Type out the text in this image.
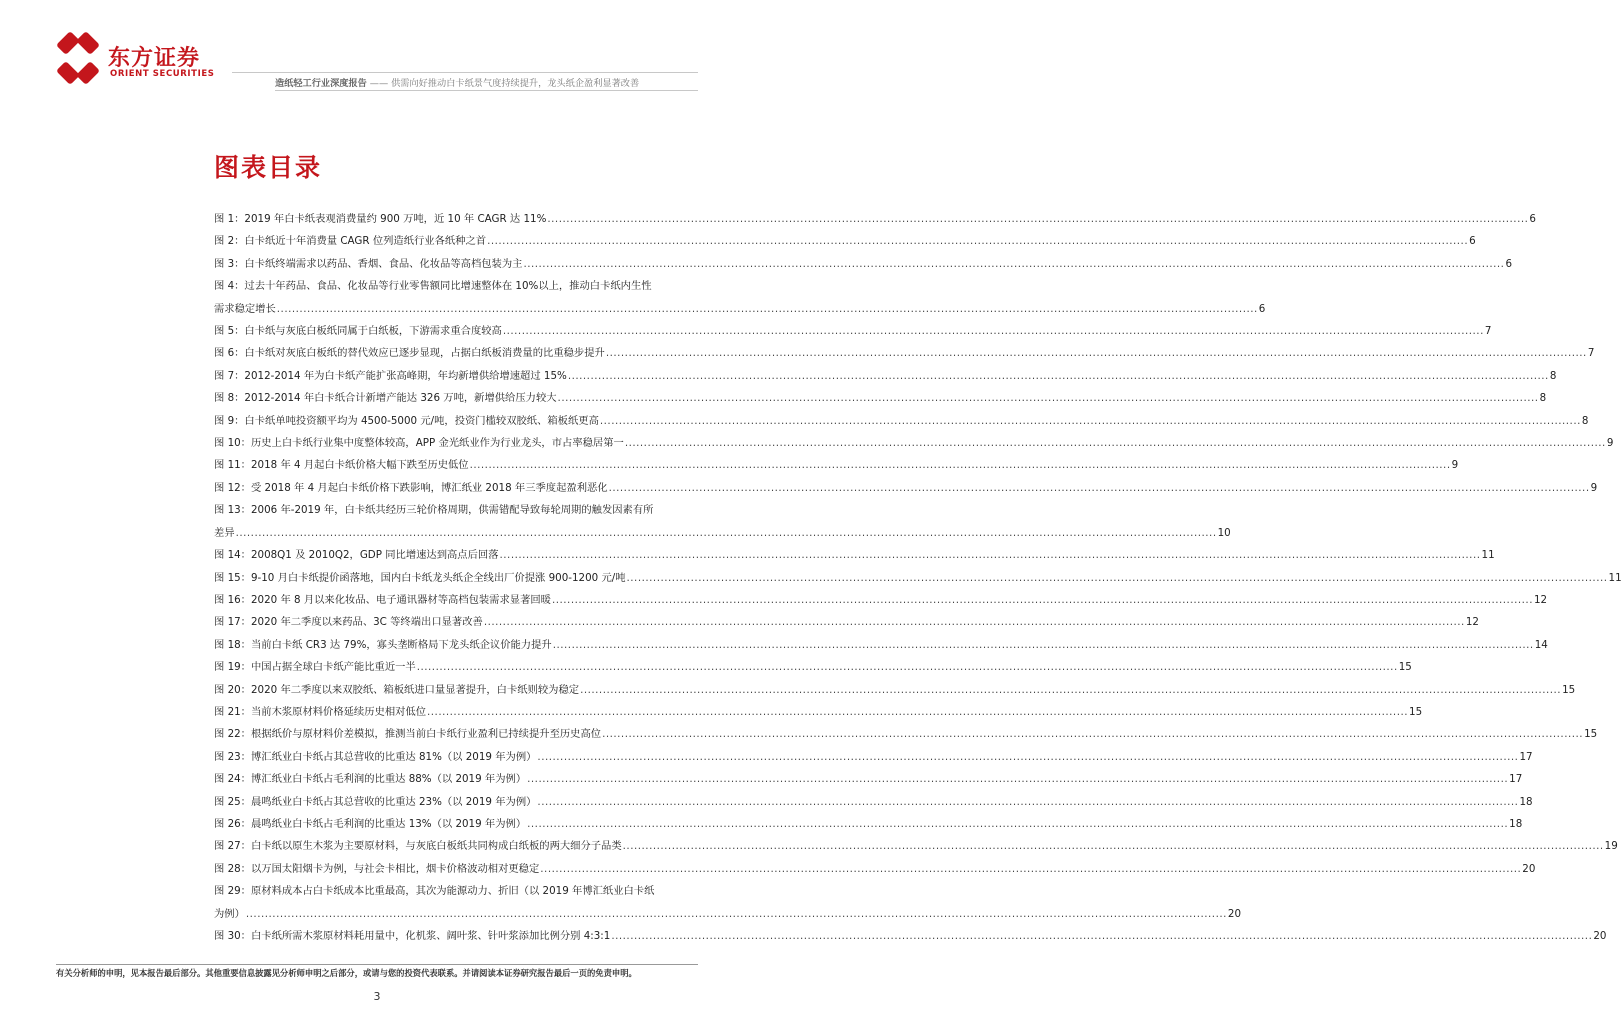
东方证券
ORIENT SECURITIES
造纸轻工行业深度报告 —— 供需向好推动白卡纸景气度持续提升，龙头纸企盈利显著改善
图表目录
图 1：2019 年白卡纸表观消费量约 900 万吨，近 10 年 CAGR 达 11% .................................................................................................................................................................................................................................................................... 6
图 2：白卡纸近十年消费量 CAGR 位列造纸行业各纸种之首 .................................................................................................................................................................................................................................................................... 6
图 3：白卡纸终端需求以药品、香烟、食品、化妆品等高档包装为主 .................................................................................................................................................................................................................................................................... 6
图 4：过去十年药品、食品、化妆品等行业零售额同比增速整体在 10%以上，推动白卡纸内生性
需求稳定增长 .................................................................................................................................................................................................................................................................... 6
图 5：白卡纸与灰底白板纸同属于白纸板，下游需求重合度较高 .................................................................................................................................................................................................................................................................... 7
图 6：白卡纸对灰底白板纸的替代效应已逐步显现，占据白纸板消费量的比重稳步提升 .................................................................................................................................................................................................................................................................... 7
图 7：2012-2014 年为白卡纸产能扩张高峰期，年均新增供给增速超过 15% .................................................................................................................................................................................................................................................................... 8
图 8：2012-2014 年白卡纸合计新增产能达 326 万吨，新增供给压力较大 .................................................................................................................................................................................................................................................................... 8
图 9：白卡纸单吨投资额平均为 4500-5000 元/吨，投资门槛较双胶纸、箱板纸更高 .................................................................................................................................................................................................................................................................... 8
图 10：历史上白卡纸行业集中度整体较高，APP 金光纸业作为行业龙头，市占率稳居第一 .................................................................................................................................................................................................................................................................... 9
图 11：2018 年 4 月起白卡纸价格大幅下跌至历史低位 .................................................................................................................................................................................................................................................................... 9
图 12：受 2018 年 4 月起白卡纸价格下跌影响，博汇纸业 2018 年三季度起盈利恶化 .................................................................................................................................................................................................................................................................... 9
图 13：2006 年-2019 年，白卡纸共经历三轮价格周期，供需错配导致每轮周期的触发因素有所
差异 .................................................................................................................................................................................................................................................................... 10
图 14：2008Q1 及 2010Q2，GDP 同比增速达到高点后回落 .................................................................................................................................................................................................................................................................... 11
图 15：9-10 月白卡纸提价函落地，国内白卡纸龙头纸企全线出厂价提涨 900-1200 元/吨 .................................................................................................................................................................................................................................................................... 11
图 16：2020 年 8 月以来化妆品、电子通讯器材等高档包装需求显著回暖 .................................................................................................................................................................................................................................................................... 12
图 17：2020 年二季度以来药品、3C 等终端出口显著改善 .................................................................................................................................................................................................................................................................... 12
图 18：当前白卡纸 CR3 达 79%，寡头垄断格局下龙头纸企议价能力提升 .................................................................................................................................................................................................................................................................... 14
图 19：中国占据全球白卡纸产能比重近一半 .................................................................................................................................................................................................................................................................... 15
图 20：2020 年二季度以来双胶纸、箱板纸进口量显著提升，白卡纸则较为稳定 .................................................................................................................................................................................................................................................................... 15
图 21：当前木浆原材料价格延续历史相对低位 .................................................................................................................................................................................................................................................................... 15
图 22：根据纸价与原材料价差模拟，推测当前白卡纸行业盈利已持续提升至历史高位 .................................................................................................................................................................................................................................................................... 15
图 23：博汇纸业白卡纸占其总营收的比重达 81%（以 2019 年为例） .................................................................................................................................................................................................................................................................... 17
图 24：博汇纸业白卡纸占毛利润的比重达 88%（以 2019 年为例） .................................................................................................................................................................................................................................................................... 17
图 25：晨鸣纸业白卡纸占其总营收的比重达 23%（以 2019 年为例） .................................................................................................................................................................................................................................................................... 18
图 26：晨鸣纸业白卡纸占毛利润的比重达 13%（以 2019 年为例） .................................................................................................................................................................................................................................................................... 18
图 27：白卡纸以原生木浆为主要原材料，与灰底白板纸共同构成白纸板的两大细分子品类 .................................................................................................................................................................................................................................................................... 19
图 28：以万国太阳烟卡为例，与社会卡相比，烟卡价格波动相对更稳定 .................................................................................................................................................................................................................................................................... 20
图 29：原材料成本占白卡纸成本比重最高，其次为能源动力、折旧（以 2019 年博汇纸业白卡纸
为例） .................................................................................................................................................................................................................................................................... 20
图 30：白卡纸所需木浆原材料耗用量中，化机浆、阔叶浆、针叶浆添加比例分别 4:3:1 .................................................................................................................................................................................................................................................................... 20
有关分析师的申明，见本报告最后部分。其他重要信息披露见分析师申明之后部分，或请与您的投资代表联系。并请阅读本证券研究报告最后一页的免责申明。
3
